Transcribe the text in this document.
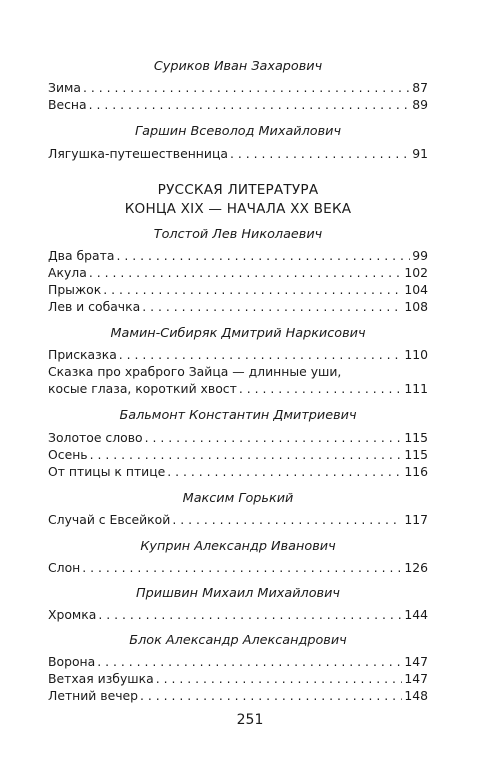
Суриков Иван Захарович
Зима . . .	87
Весна . . .	89
Гаршин Всеволод Михайлович
Лягушка-путешественница . . .	91
РУССКАЯ ЛИТЕРАТУРА
КОНЦА XIX — НАЧАЛА XX ВЕКА
Толстой Лев Николаевич
Два брата . . .	99
Акула . . .	102
Прыжок . . .	104
Лев и собачка . . .	108
Мамин-Сибиряк Дмитрий Наркисович
Присказка . . .	110
Сказка про храброго Зайца — длинные уши,
косые глаза, короткий хвост . . .	111
Бальмонт Константин Дмитриевич
Золотое слово . . .	115
Осень . . .	115
От птицы к птице . . .	116
Максим Горький
Случай с Евсейкой . . .	117
Куприн Александр Иванович
Слон . . .	126
Пришвин Михаил Михайлович
Хромка . . .	144
Блок Александр Александрович
Ворона . . .	147
Ветхая избушка . . .	147
Летний вечер . . .	148
251
